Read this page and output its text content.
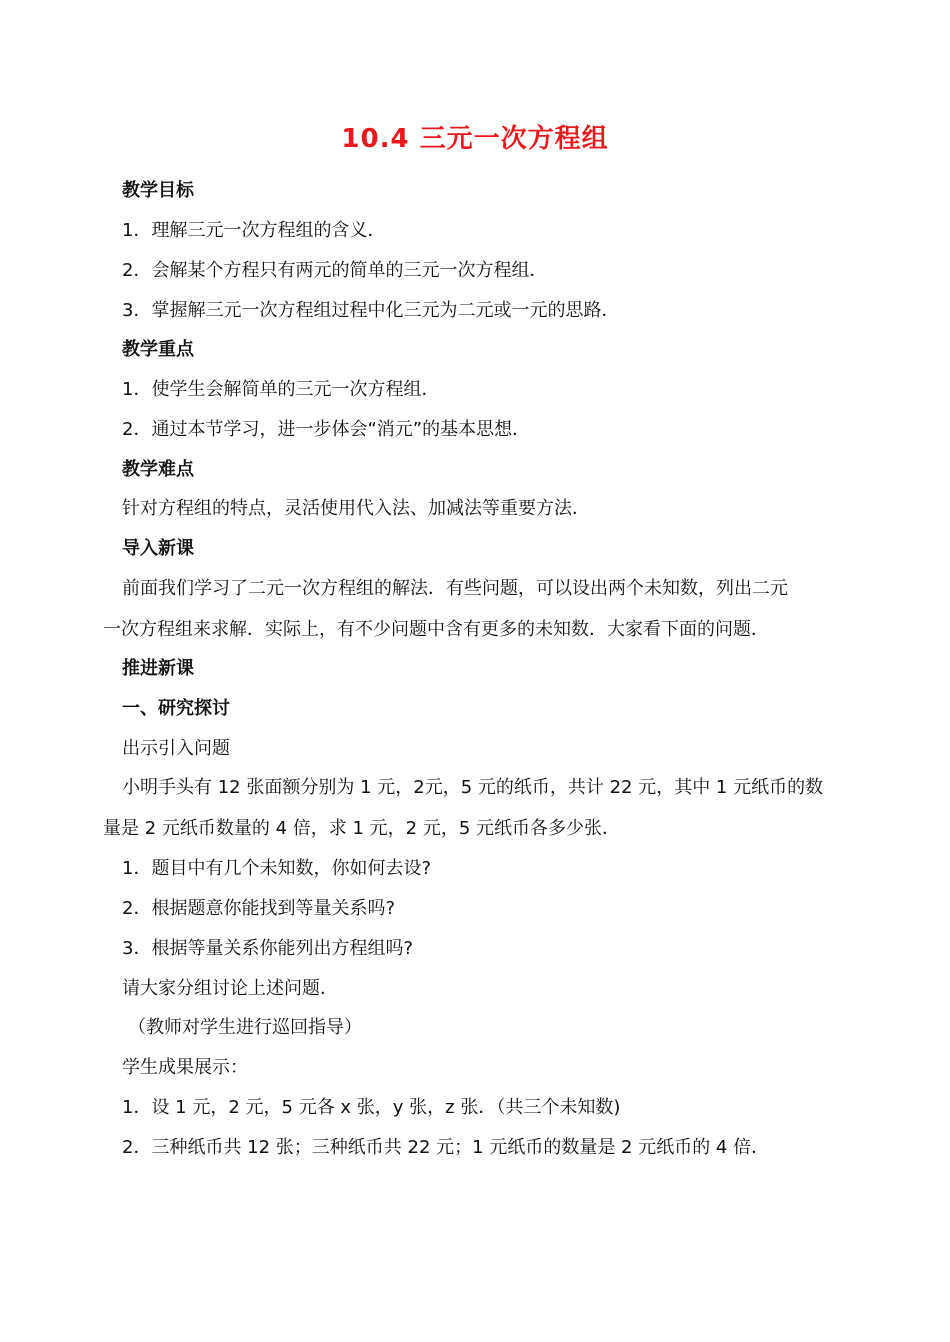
10.4 三元一次方程组
教学目标
1．理解三元一次方程组的含义．
2．会解某个方程只有两元的简单的三元一次方程组．
3．掌握解三元一次方程组过程中化三元为二元或一元的思路．
教学重点
1．使学生会解简单的三元一次方程组．
2．通过本节学习，进一步体会“消元”的基本思想．
教学难点
针对方程组的特点，灵活使用代入法、加减法等重要方法．
导入新课
前面我们学习了二元一次方程组的解法．有些问题，可以设出两个未知数，列出二元
一次方程组来求解．实际上，有不少问题中含有更多的未知数．大家看下面的问题．
推进新课
一、研究探讨
出示引入问题
小明手头有 12 张面额分别为 1 元，2元，5 元的纸币，共计 22 元，其中 1 元纸币的数
量是 2 元纸币数量的 4 倍，求 1 元，2 元，5 元纸币各多少张．
1．题目中有几个未知数，你如何去设?
2．根据题意你能找到等量关系吗?
3．根据等量关系你能列出方程组吗?
请大家分组讨论上述问题．
（教师对学生进行巡回指导）
学生成果展示：
1．设 1 元，2 元，5 元各 x 张，y 张，z 张．（共三个未知数)
2．三种纸币共 12 张；三种纸币共 22 元；1 元纸币的数量是 2 元纸币的 4 倍．
